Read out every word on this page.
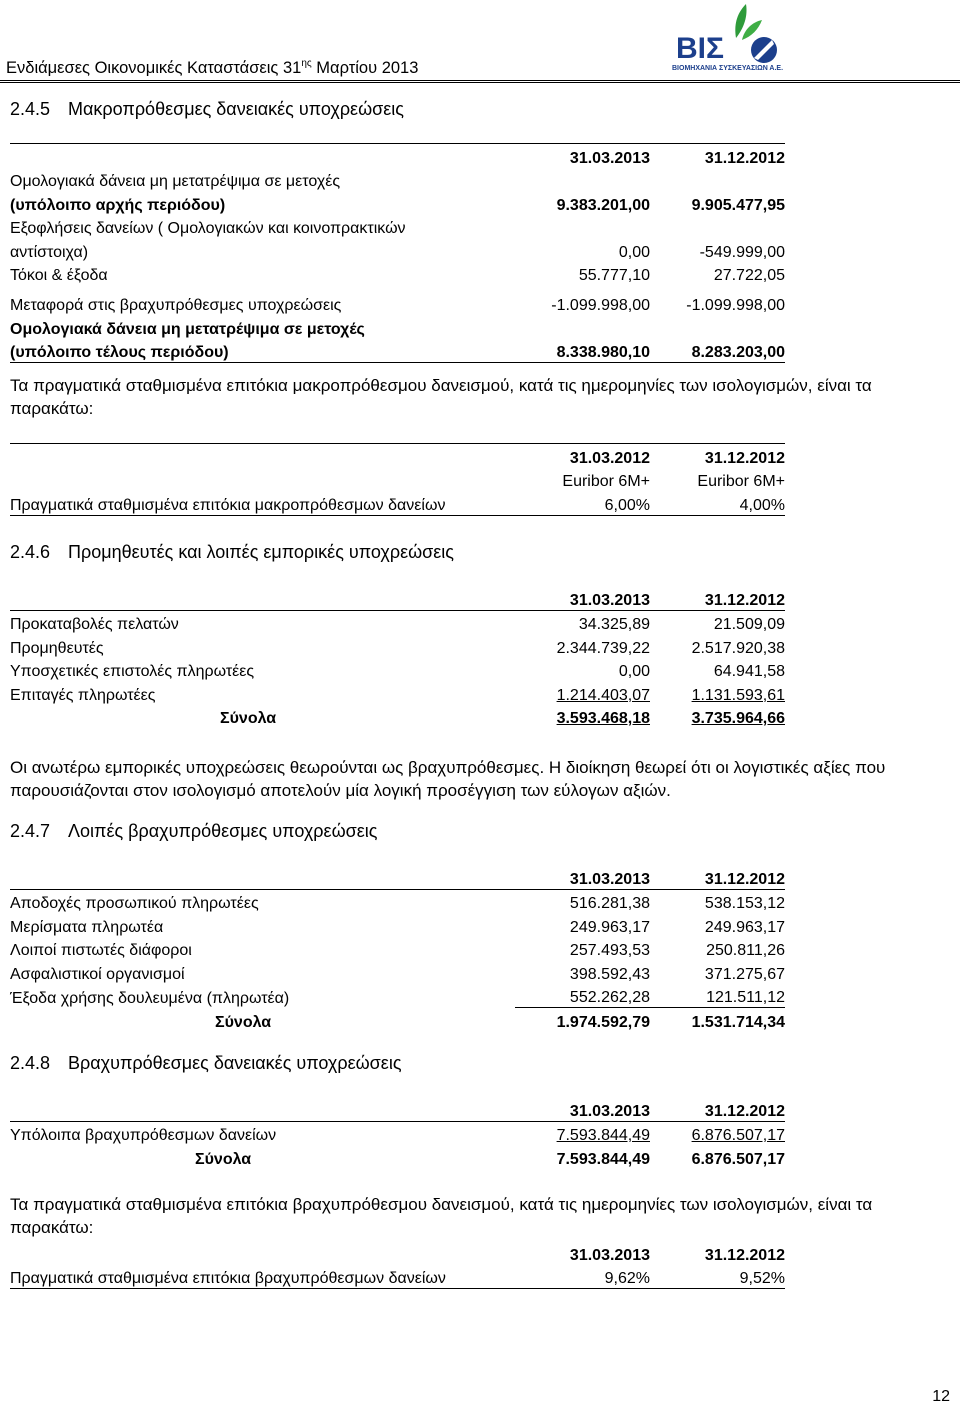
Ενδιάμεσες Οικονομικές Καταστάσεις $31^{\eta\varsigma}$ Μαρτίου 2013
ΒΙΣ
ΒΙΟΜΗΧΑΝΙΑ ΣΥΣΚΕΥΑΣΙΩΝ Α.Ε.
2.4.5 Μακροπρόθεσμες δανειακές υποχρεώσεις
	31.03.2013	31.12.2012
Ομολογιακά δάνεια μη μετατρέψιμα σε μετοχές		
(υπόλοιπο αρχής περιόδου)	9.383.201,00	9.905.477,95
Εξοφλήσεις δανείων ( Ομολογιακών και κοινοπρακτικών		
αντίστοιχα)	0,00	-549.999,00
Τόκοι & έξοδα	55.777,10	27.722,05
Μεταφορά στις βραχυπρόθεσμες υποχρεώσεις	-1.099.998,00	-1.099.998,00
Ομολογιακά δάνεια μη μετατρέψιμα σε μετοχές		
(υπόλοιπο τέλους περιόδου)	8.338.980,10	8.283.203,00
Τα πραγματικά σταθμισμένα επιτόκια μακροπρόθεσμου δανεισμού, κατά τις ημερομηνίες των ισολογισμών, είναι τα παρακάτω:
	31.03.2012	31.12.2012
	Euribor 6M+	Euribor 6M+
Πραγματικά σταθμισμένα επιτόκια μακροπρόθεσμων δανείων	6,00%	4,00%
2.4.6 Προμηθευτές και λοιπές εμπορικές υποχρεώσεις
	31.03.2013	31.12.2012
Προκαταβολές πελατών	34.325,89	21.509,09
Προμηθευτές	2.344.739,22	2.517.920,38
Υποσχετικές επιστολές πληρωτέες	0,00	64.941,58
Επιταγές πληρωτέες	1.214.403,07	1.131.593,61
Σύνολα	3.593.468,18	3.735.964,66
Οι ανωτέρω εμπορικές υποχρεώσεις θεωρούνται ως βραχυπρόθεσμες. Η διοίκηση θεωρεί ότι οι λογιστικές αξίες που παρουσιάζονται στον ισολογισμό αποτελούν μία λογική προσέγγιση των εύλογων αξιών.
2.4.7 Λοιπές βραχυπρόθεσμες υποχρεώσεις
	31.03.2013	31.12.2012
Αποδοχές προσωπικού πληρωτέες	516.281,38	538.153,12
Μερίσματα πληρωτέα	249.963,17	249.963,17
Λοιποί πιστωτές διάφοροι	257.493,53	250.811,26
Ασφαλιστικοί οργανισμοί	398.592,43	371.275,67
Έξοδα χρήσης δουλευμένα (πληρωτέα)	552.262,28	121.511,12
Σύνολα	1.974.592,79	1.531.714,34
2.4.8 Βραχυπρόθεσμες δανειακές υποχρεώσεις
	31.03.2013	31.12.2012
Υπόλοιπα βραχυπρόθεσμων δανείων	7.593.844,49	6.876.507,17
Σύνολα	7.593.844,49	6.876.507,17
Τα πραγματικά σταθμισμένα επιτόκια βραχυπρόθεσμου δανεισμού, κατά τις ημερομηνίες των ισολογισμών, είναι τα παρακάτω:
	31.03.2013	31.12.2012
Πραγματικά σταθμισμένα επιτόκια βραχυπρόθεσμων δανείων	9,62%	9,52%
12
